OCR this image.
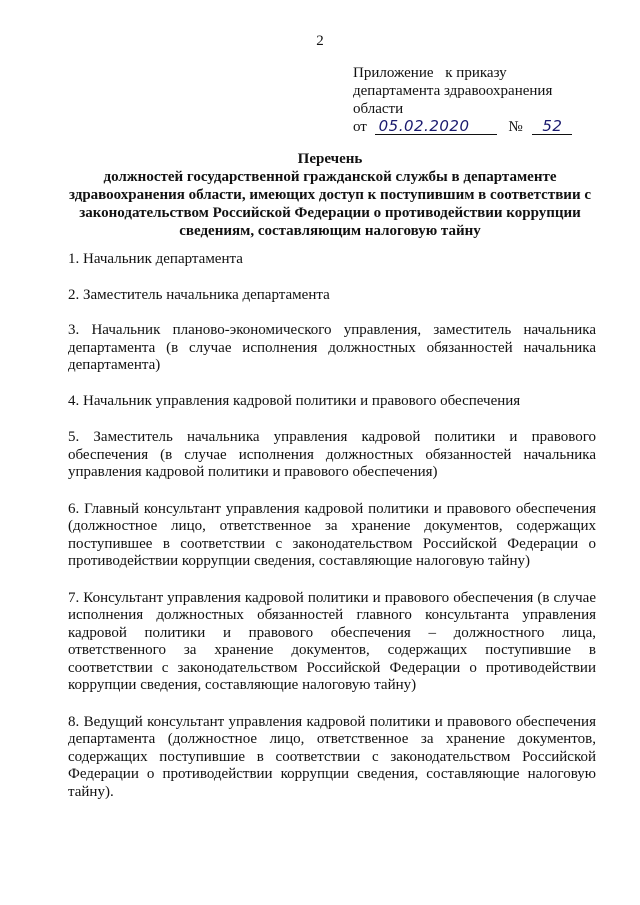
2
Приложение к приказу
департамента здравоохранения
области
от 05.02.2020	№ 52
Перечень
должностей государственной гражданской службы в департаменте здравоохранения области, имеющих доступ к поступившим в соответствии с законодательством Российской Федерации о противодействии коррупции сведениям, составляющим налоговую тайну

1. Начальник департамента

2. Заместитель начальника департамента

3. Начальник планово-экономического управления, заместитель начальника департамента (в случае исполнения должностных обязанностей начальника департамента)

4. Начальник управления кадровой политики и правового обеспечения

5. Заместитель начальника управления кадровой политики и правового обеспечения (в случае исполнения должностных обязанностей начальника управления кадровой политики и правового обеспечения)

6. Главный консультант управления кадровой политики и правового обеспечения (должностное лицо, ответственное за хранение документов, содержащих поступившее в соответствии с законодательством Российской Федерации о противодействии коррупции сведения, составляющие налоговую тайну)

7. Консультант управления кадровой политики и правового обеспечения (в случае исполнения должностных обязанностей главного консультанта управления кадровой политики и правового обеспечения – должностного лица, ответственного за хранение документов, содержащих поступившие в соответствии с законодательством Российской Федерации о противодействии коррупции сведения, составляющие налоговую тайну)

8. Ведущий консультант управления кадровой политики и правового обеспечения департамента (должностное лицо, ответственное за хранение документов, содержащих поступившие в соответствии с законодательством Российской Федерации о противодействии коррупции сведения, составляющие налоговую тайну).
